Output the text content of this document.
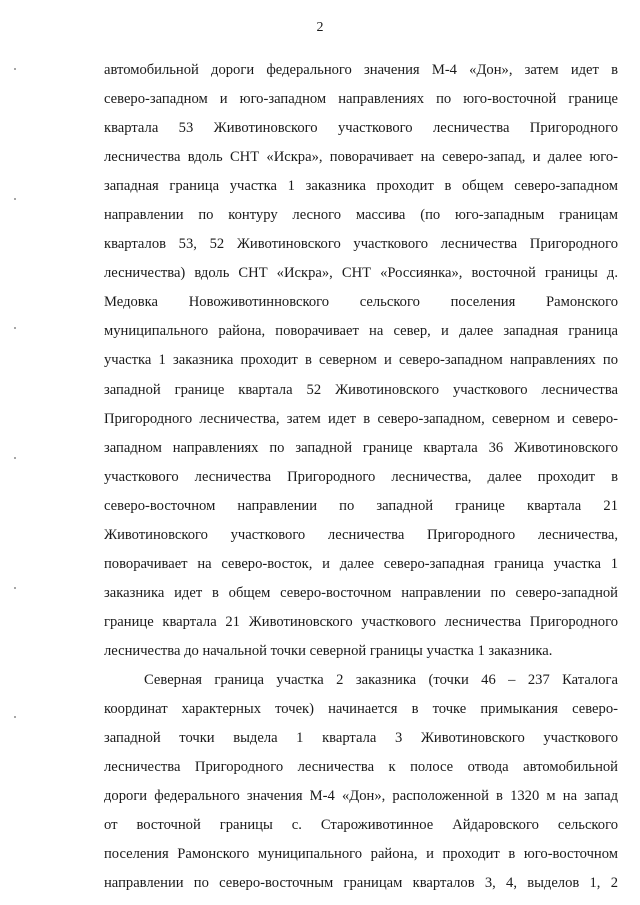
2
автомобильной дороги федерального значения М-4 «Дон», затем идет в
северо-западном и юго-западном направлениях по юго-восточной границе
квартала 53 Животиновского участкового лесничества Пригородного
лесничества вдоль СНТ «Искра», поворачивает на северо-запад, и далее юго-
западная граница участка 1 заказника проходит в общем северо-западном
направлении по контуру лесного массива (по юго-западным границам
кварталов 53, 52 Животиновского участкового лесничества Пригородного
лесничества) вдоль СНТ «Искра», СНТ «Россиянка», восточной границы д.
Медовка Новоживотинновского сельского поселения Рамонского
муниципального района, поворачивает на север, и далее западная граница
участка 1 заказника проходит в северном и северо-западном направлениях по
западной границе квартала 52 Животиновского участкового лесничества
Пригородного лесничества, затем идет в северо-западном, северном и северо-
западном направлениях по западной границе квартала 36 Животиновского
участкового лесничества Пригородного лесничества, далее проходит в
северо-восточном направлении по западной границе квартала 21
Животиновского участкового лесничества Пригородного лесничества,
поворачивает на северо-восток, и далее северо-западная граница участка 1
заказника идет в общем северо-восточном направлении по северо-западной
границе квартала 21 Животиновского участкового лесничества Пригородного
лесничества до начальной точки северной границы участка 1 заказника.
Северная граница участка 2 заказника (точки 46 – 237 Каталога
координат характерных точек) начинается в точке примыкания северо-
западной точки выдела 1 квартала 3 Животиновского участкового
лесничества Пригородного лесничества к полосе отвода автомобильной
дороги федерального значения М-4 «Дон», расположенной в 1320 м на запад
от восточной границы с. Староживотинное Айдаровского сельского
поселения Рамонского муниципального района, и проходит в юго-восточном
направлении по северо-восточным границам кварталов 3, 4, выделов 1, 2
